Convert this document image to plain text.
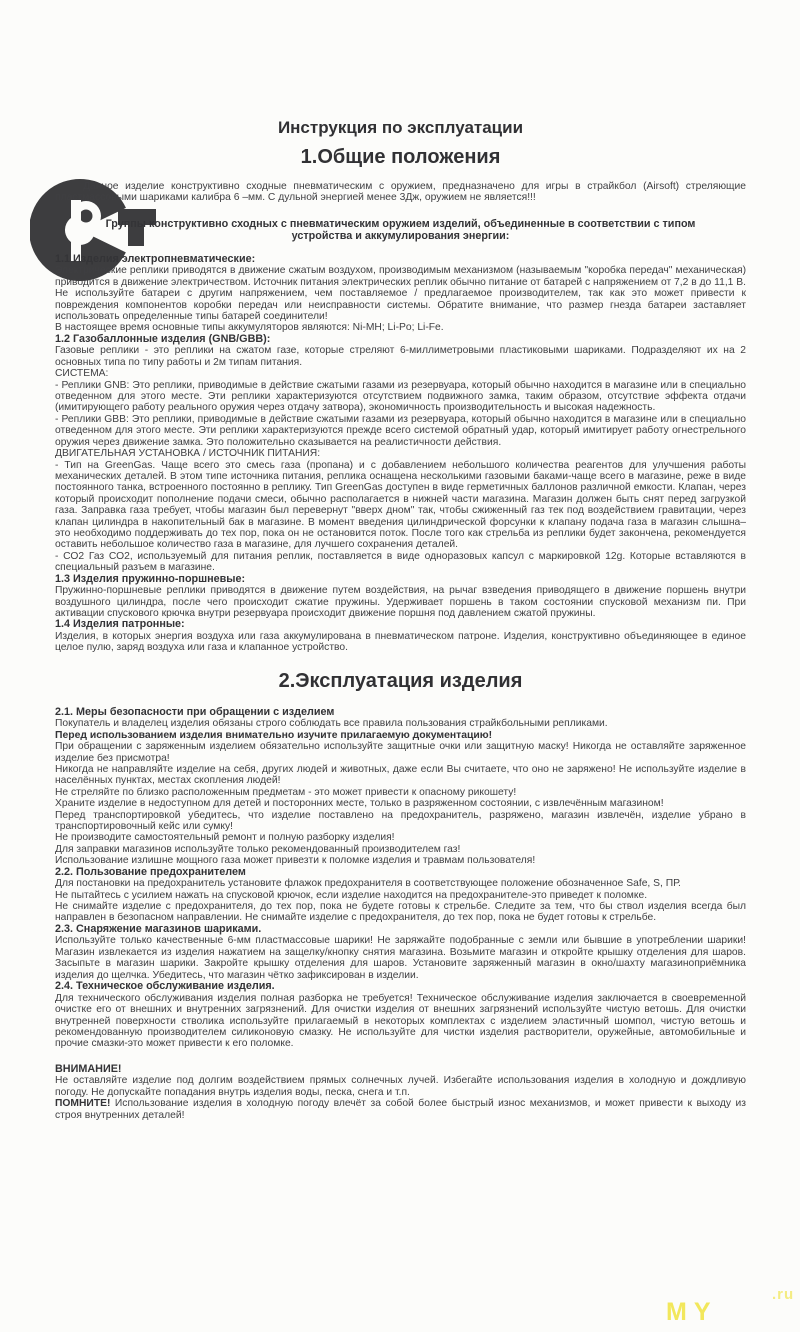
Инструкция по эксплуатации
1.Общие положения
Данное изделие конструктивно сходные пневматическим с оружием, предназначено для игры в страйкбол (Airsoft) стреляющие пластмассовыми шариками калибра 6 –мм. С дульной энергией менее 3Дж, оружием не является!!!
Группы конструктивно сходных с пневматическим оружием изделий, объединенные в соответствии с типом устройства и аккумулирования энергии:
1.1 Изделия электропневматические:
Электрические реплики приводятся в движение сжатым воздухом, производимым механизмом (называемым "коробка передач" механическая) приводится в движение электричеством. Источник питания электрических реплик обычно питание от батарей с напряжением от 7,2 в до 11,1 В. Не используйте батареи с другим напряжением, чем поставляемое / предлагаемое производителем, так как это может привести к повреждения компонентов коробки передач или неисправности системы. Обратите внимание, что размер гнезда батареи заставляет использовать определенные типы батарей соединители!
В настоящее время основные типы аккумуляторов являются: Ni-MH; Li-Po; Li-Fe.
1.2 Газобаллонные изделия (GNB/GBB):
Газовые реплики - это реплики на сжатом газе, которые стреляют 6-миллиметровыми пластиковыми шариками. Подразделяют их на 2 основных типа по типу работы и 2м типам питания.
СИСТЕМА:
- Реплики GNB: Это реплики, приводимые в действие сжатыми газами из резервуара, который обычно находится в магазине или в специально отведенном для этого месте. Эти реплики характеризуются отсутствием подвижного замка, таким образом, отсутствие эффекта отдачи (имитирующего работу реального оружия через отдачу затвора), экономичность производительность и высокая надежность.
- Реплики GBB: Это реплики, приводимые в действие сжатыми газами из резервуара, который обычно находится в магазине или в специально отведенном для этого месте. Эти реплики характеризуются прежде всего системой обратный удар, который имитирует работу огнестрельного оружия через движение замка. Это положительно сказывается на реалистичности действия.
ДВИГАТЕЛЬНАЯ УСТАНОВКА / ИСТОЧНИК ПИТАНИЯ:
- Тип на GreenGas. Чаще всего это смесь газа (пропана) и с добавлением небольшого количества реагентов для улучшения работы механических деталей. В этом типе источника питания, реплика оснащена несколькими газовыми баками-чаще всего в магазине, реже в виде постоянного танка, встроенного постоянно в реплику. Тип GreenGas доступен в виде герметичных баллонов различной емкости. Клапан, через который происходит пополнение подачи смеси, обычно располагается в нижней части магазина. Магазин должен быть снят перед загрузкой газа. Заправка газа требует, чтобы магазин был перевернут "вверх дном" так, чтобы сжиженный газ тек под воздействием гравитации, через клапан цилиндра в накопительный бак в магазине. В момент введения цилиндрической форсунки к клапану подача газа в магазин слышна– это необходимо поддерживать до тех пор, пока он не остановится поток. После того как стрельба из реплики будет закончена, рекомендуется оставить небольшое количество газа в магазине, для лучшего сохранения деталей.
- СО2 Газ СО2, используемый для питания реплик, поставляется в виде одноразовых капсул с маркировкой 12g. Которые вставляются в специальный разъем в магазине.
1.3 Изделия пружинно-поршневые:
Пружинно-поршневые реплики приводятся в движение путем воздействия, на рычаг взведения приводящего в движение поршень внутри воздушного цилиндра, после чего происходит сжатие пружины. Удерживает поршень в таком состоянии спусковой механизм пи. При активации спускового крючка внутри резервуара происходит движение поршня под давлением сжатой пружины.
1.4 Изделия патронные:
Изделия, в которых энергия воздуха или газа аккумулирована в пневматическом патроне. Изделия, конструктивно объединяющее в единое целое пулю, заряд воздуха или газа и клапанное устройство.
2.Эксплуатация изделия
2.1. Меры безопасности при обращении с изделием
Покупатель и владелец изделия обязаны строго соблюдать все правила пользования страйкбольными репликами.
Перед использованием изделия внимательно изучите прилагаемую документацию!
При обращении с заряженным изделием обязательно используйте защитные очки или защитную маску! Никогда не оставляйте заряженное изделие без присмотра!
Никогда не направляйте изделие на себя, других людей и животных, даже если Вы считаете, что оно не заряжено! Не используйте изделие в населённых пунктах, местах скопления людей!
Не стреляйте по близко расположенным предметам - это может привести к опасному рикошету!
Храните изделие в недоступном для детей и посторонних месте, только в разряженном состоянии, с извлечённым магазином!
Перед транспортировкой убедитесь, что изделие поставлено на предохранитель, разряжено, магазин извлечён, изделие убрано в транспортировочный кейс или сумку!
Не производите самостоятельный ремонт и полную разборку изделия!
Для заправки магазинов используйте только рекомендованный производителем газ!
Использование излишне мощного газа может привезти к поломке изделия и травмам пользователя!
2.2. Пользование предохранителем
Для постановки на предохранитель установите флажок предохранителя в соответствующее положение обозначенное Safe, S, ПР.
Не пытайтесь с усилием нажать на спусковой крючок, если изделие находится на предохранителе-это приведет к поломке.
Не снимайте изделие с предохранителя, до тех пор, пока не будете готовы к стрельбе. Следите за тем, что бы ствол изделия всегда был направлен в безопасном направлении. Не снимайте изделие с предохранителя, до тех пор, пока не будет готовы к стрельбе.
2.3. Снаряжение магазинов шариками.
Используйте только качественные 6-мм пластмассовые шарики! Не заряжайте подобранные с земли или бывшие в употреблении шарики! Магазин извлекается из изделия нажатием на защелку/кнопку снятия магазина. Возьмите магазин и откройте крышку отделения для шаров. Засыпьте в магазин шарики. Закройте крышку отделения для шаров. Установите заряженный магазин в окно/шахту магазиноприёмника изделия до щелчка. Убедитесь, что магазин чётко зафиксирован в изделии.
2.4. Техническое обслуживание изделия.
Для технического обслуживания изделия полная разборка не требуется! Техническое обслуживание изделия заключается в своевременной очистке его от внешних и внутренних загрязнений. Для очистки изделия от внешних загрязнений используйте чистую ветошь. Для очистки внутренней поверхности стволика используйте прилагаемый в некоторых комплектах с изделием эластичный шомпол, чистую ветошь и рекомендованную производителем силиконовую смазку. Не используйте для чистки изделия растворители, оружейные, автомобильные и прочие смазки-это может привести к его поломке.
ВНИМАНИЕ!
Не оставляйте изделие под долгим воздействием прямых солнечных лучей. Избегайте использования изделия в холодную и дождливую погоду. Не допускайте попадания внутрь изделия воды, песка, снега и т.п.
ПОМНИТЕ! Использование изделия в холодную погоду влечёт за собой более быстрый износ механизмов, и может привести к выходу из строя внутренних деталей!
MY
.ru
